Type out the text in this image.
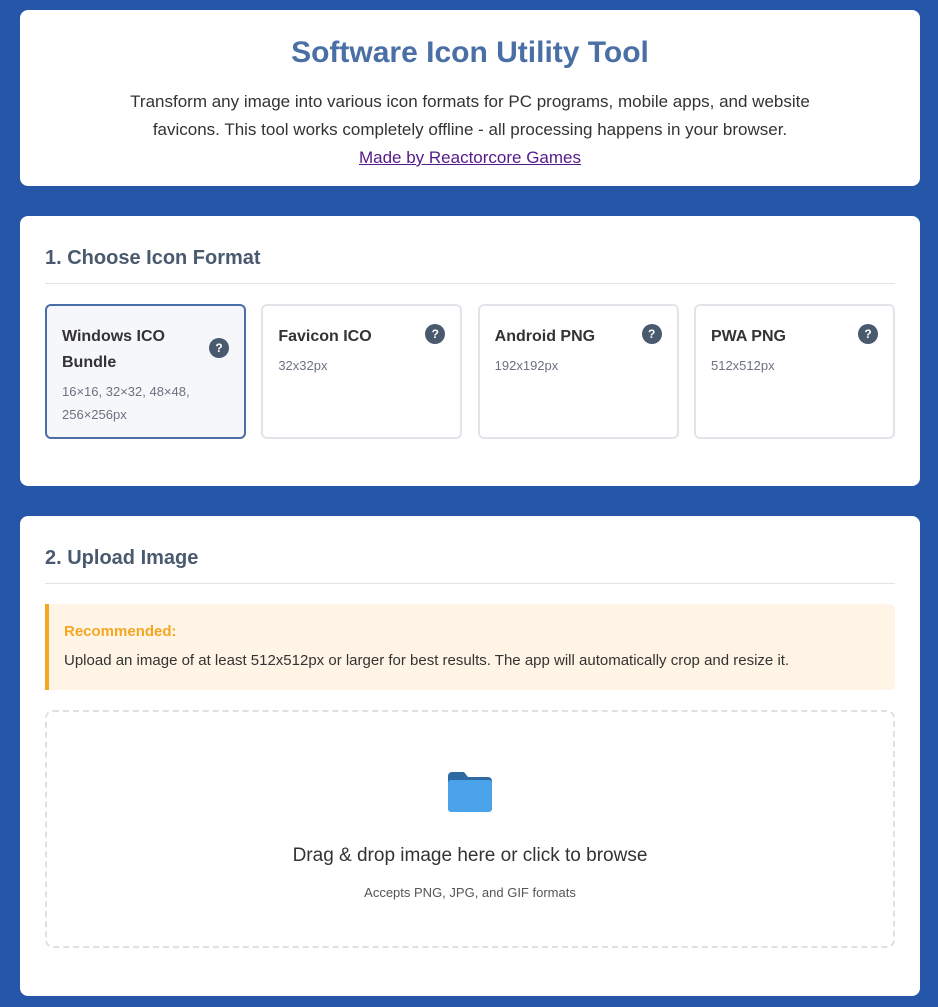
Software Icon Utility Tool
Transform any image into various icon formats for PC programs, mobile apps, and website favicons. This tool works completely offline - all processing happens in your browser.
Made by Reactorcore Games
1. Choose Icon Format
Windows ICO Bundle
16×16, 32×32, 48×48, 256×256px
?
Favicon ICO
32x32px
?	Android PNG
192x192px
?	PWA PNG
512x512px
?
2. Upload Image
Recommended:
Upload an image of at least 512x512px or larger for best results. The app will automatically crop and resize it.
Drag & drop image here or click to browse
Accepts PNG, JPG, and GIF formats
